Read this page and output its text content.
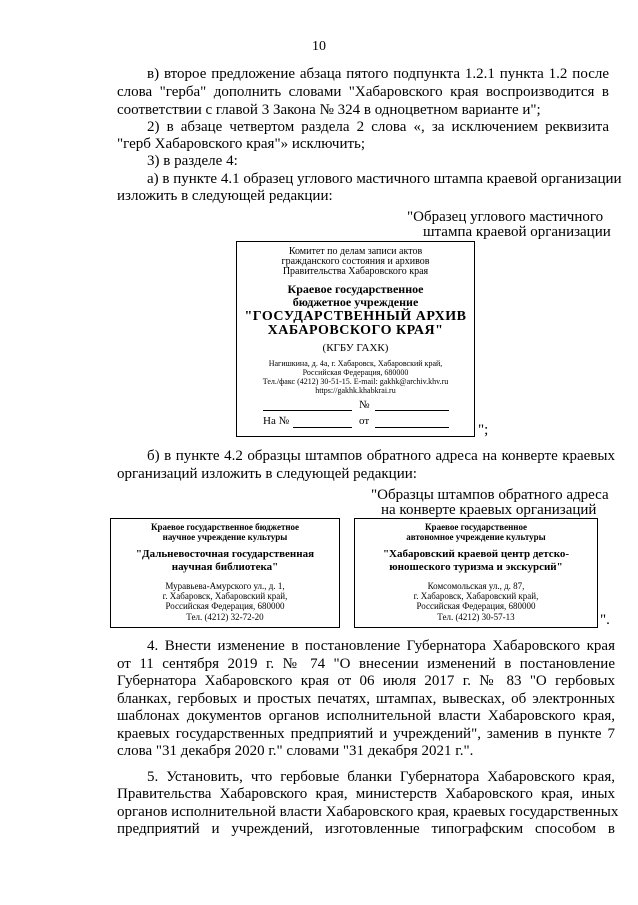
10
в) второе предложение абзаца пятого подпункта 1.2.1 пункта 1.2 после
слова "герба" дополнить словами "Хабаровского края воспроизводится в
соответствии с главой 3 Закона № 324 в одноцветном варианте и";
2) в абзаце четвертом раздела 2 слова «, за исключением реквизита
"герб Хабаровского края"» исключить;
3) в разделе 4:
а) в пункте 4.1 образец углового мастичного штампа краевой организации
изложить в следующей редакции:
"Образец углового мастичного
штампа краевой организации
Комитет по делам записи актов
гражданского состояния и архивов
Правительства Хабаровского края
Краевое государственное
бюджетное учреждение
"ГОСУДАРСТВЕННЫЙ АРХИВ
ХАБАРОВСКОГО КРАЯ"
(КГБУ ГАХК)
Нагишкина, д. 4а, г. Хабаровск, Хабаровский край,
Российская Федерация, 680000
Тел./факс (4212) 30-51-15. E-mail: gakhk@archiv.khv.ru
https://gakhk.khabkrai.ru
№
На №	от
";
б) в пункте 4.2 образцы штампов обратного адреса на конверте краевых
организаций изложить в следующей редакции:
"Образцы штампов обратного адреса
на конверте краевых организаций
Краевое государственное бюджетное
научное учреждение культуры
"Дальневосточная государственная
научная библиотека"
Муравьева-Амурского ул., д. 1,
г. Хабаровск, Хабаровский край,
Российская Федерация, 680000
Тел. (4212) 32-72-20
Краевое государственное
автономное учреждение культуры
"Хабаровский краевой центр детско-
юношеского туризма и экскурсий"
Комсомольская ул., д. 87,
г. Хабаровск, Хабаровский край,
Российская Федерация, 680000
Тел. (4212) 30-57-13	".
4. Внести изменение в постановление Губернатора Хабаровского края
от 11 сентября 2019 г. № 74 "О внесении изменений в постановление
Губернатора Хабаровского края от 06 июля 2017 г. № 83 "О гербовых
бланках, гербовых и простых печатях, штампах, вывесках, об электронных
шаблонах документов органов исполнительной власти Хабаровского края,
краевых государственных предприятий и учреждений", заменив в пункте 7
слова "31 декабря 2020 г." словами "31 декабря 2021 г.".
5. Установить, что гербовые бланки Губернатора Хабаровского края,
Правительства Хабаровского края, министерств Хабаровского края, иных
органов исполнительной власти Хабаровского края, краевых государственных
предприятий и учреждений, изготовленные типографским способом в
